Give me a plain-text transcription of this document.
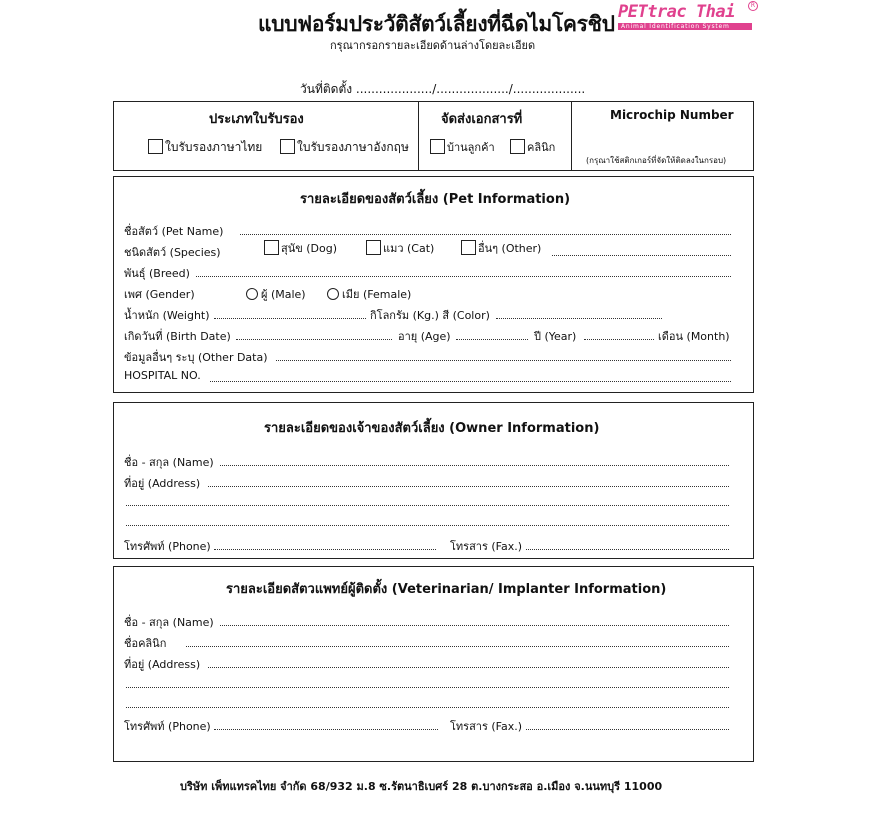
แบบฟอร์มประวัติสัตว์เลี้ยงที่ฉีดไมโครชิป
กรุณากรอกรายละเอียดด้านล่างโดยละเอียด
PETtrac Thai
Animal Identification System
R
วันที่ติดตั้ง ..................../.................../...................
ประเภทใบรับรอง
ใบรับรองภาษาไทย	ใบรับรองภาษาอังกฤษ
จัดส่งเอกสารที่
บ้านลูกค้า	คลินิก
Microchip Number
(กรุณาใช้สติกเกอร์ที่จัดให้ติดลงในกรอบ)
รายละเอียดของสัตว์เลี้ยง (Pet Information)
ชื่อสัตว์ (Pet Name)
ชนิดสัตว์ (Species)	สุนัข (Dog)	แมว (Cat)	อื่นๆ (Other)
พันธุ์ (Breed)
เพศ (Gender)	ผู้ (Male)	เมีย (Female)
น้ำหนัก (Weight)	กิโลกรัม (Kg.) สี (Color)
เกิดวันที่ (Birth Date)	อายุ (Age)	ปี (Year)	เดือน (Month)
ข้อมูลอื่นๆ ระบุ (Other Data)
HOSPITAL NO.
รายละเอียดของเจ้าของสัตว์เลี้ยง (Owner Information)
ชื่อ - สกุล (Name)
ที่อยู่ (Address)
โทรศัพท์ (Phone)	โทรสาร (Fax.)
รายละเอียดสัตวแพทย์ผู้ติดตั้ง (Veterinarian/ Implanter Information)
ชื่อ - สกุล (Name)
ชื่อคลินิก
ที่อยู่ (Address)
โทรศัพท์ (Phone)	โทรสาร (Fax.)
บริษัท เพ็ทแทรคไทย จำกัด 68/932 ม.8 ซ.รัตนาธิเบศร์ 28 ต.บางกระสอ อ.เมือง จ.นนทบุรี 11000
